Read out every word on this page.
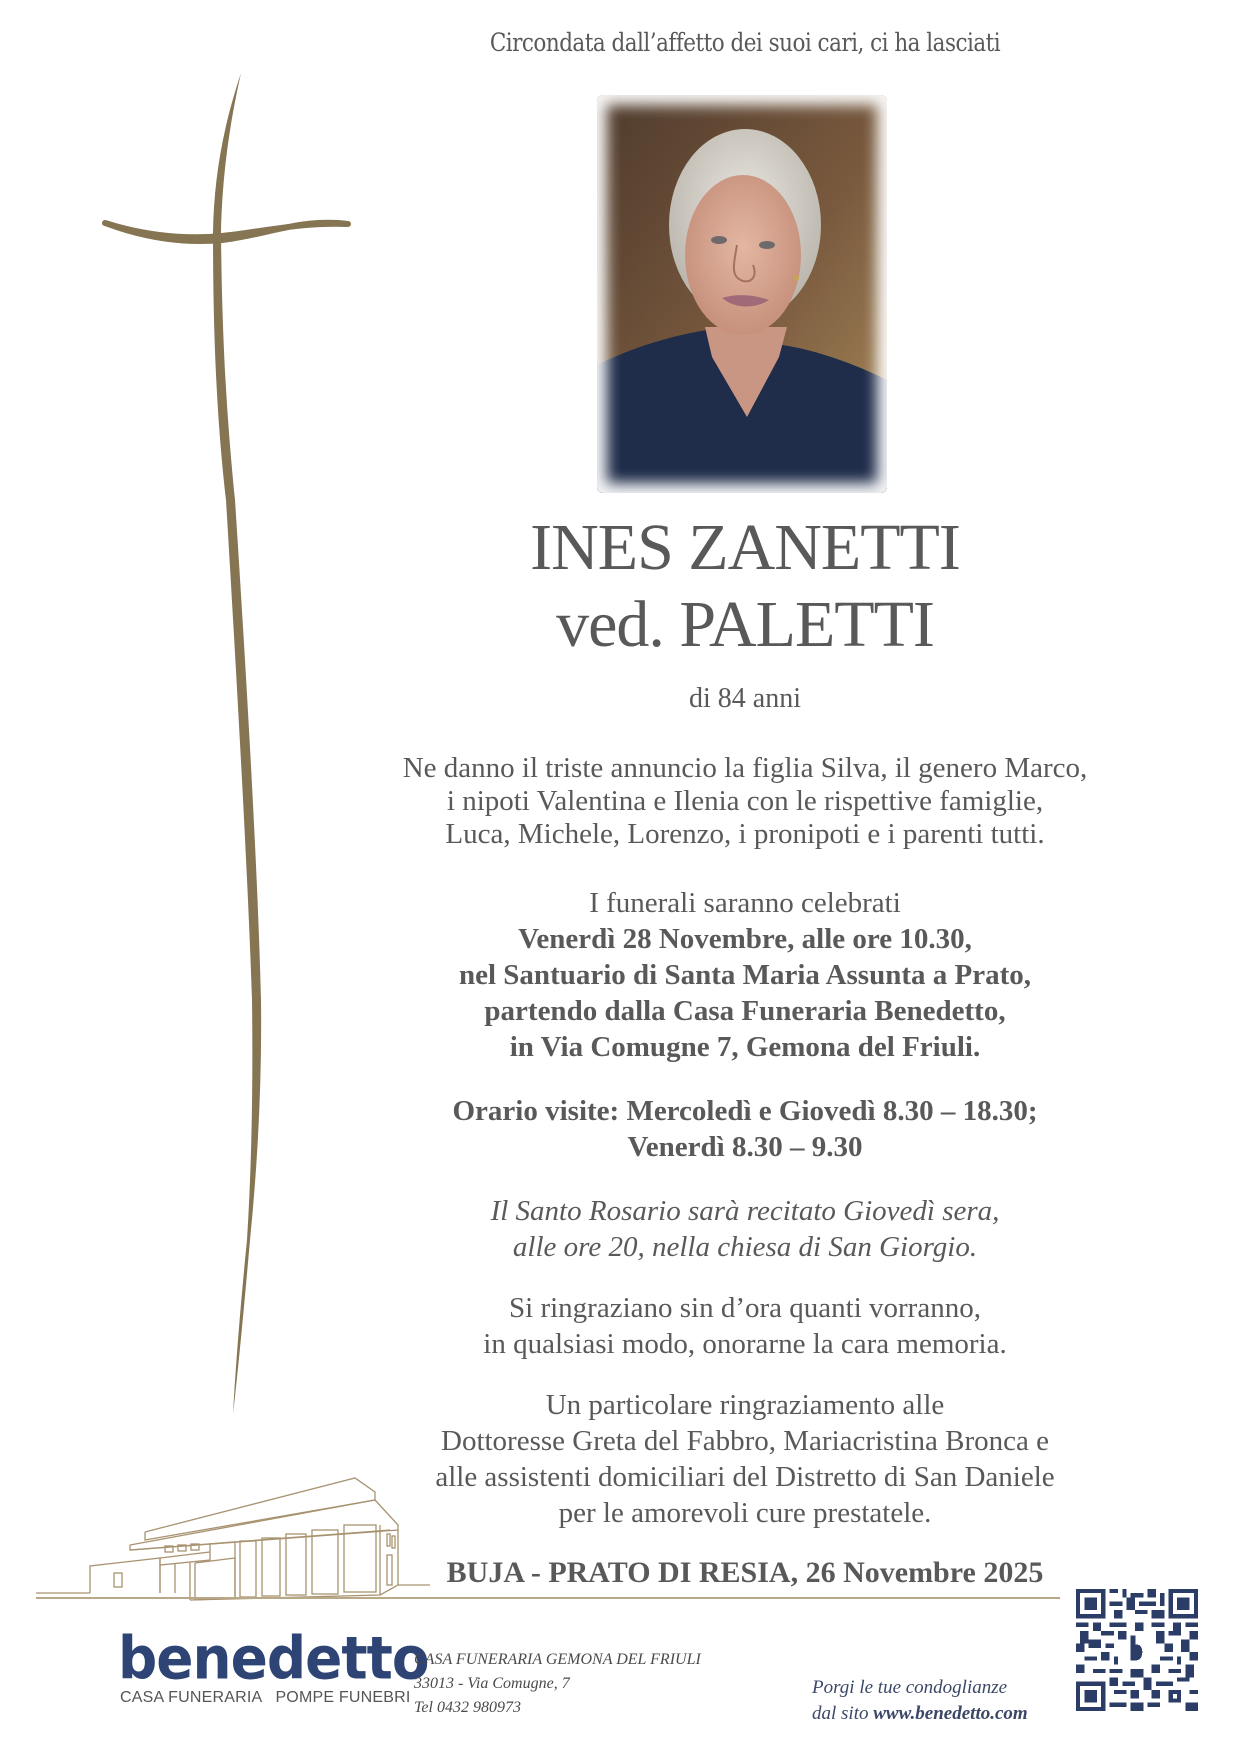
Circondata dall’affetto dei suoi cari, ci ha lasciati
INES ZANETTI
ved. PALETTI
di 84 anni
Ne danno il triste annuncio la figlia Silva, il genero Marco,
i nipoti Valentina e Ilenia con le rispettive famiglie,
Luca, Michele, Lorenzo, i pronipoti e i parenti tutti.
I funerali saranno celebrati
Venerdì 28 Novembre, alle ore 10.30,
nel Santuario di Santa Maria Assunta a Prato,
partendo dalla Casa Funeraria Benedetto,
in Via Comugne 7, Gemona del Friuli.
Orario visite: Mercoledì e Giovedì 8.30 – 18.30;
Venerdì 8.30 – 9.30
Il Santo Rosario sarà recitato Giovedì sera,
alle ore 20, nella chiesa di San Giorgio.
Si ringraziano sin d’ora quanti vorranno,
in qualsiasi modo, onorarne la cara memoria.
Un particolare ringraziamento alle
Dottoresse Greta del Fabbro, Mariacristina Bronca e
alle assistenti domiciliari del Distretto di San Daniele
per le amorevoli cure prestatele.
BUJA - PRATO DI RESIA, 26 Novembre 2025
benedetto
CASA FUNERARIA   POMPE FUNEBRI
CASA FUNERARIA GEMONA DEL FRIULI
33013 - Via Comugne, 7
Tel 0432 980973
Porgi le tue condoglianze
dal sito www.benedetto.com
